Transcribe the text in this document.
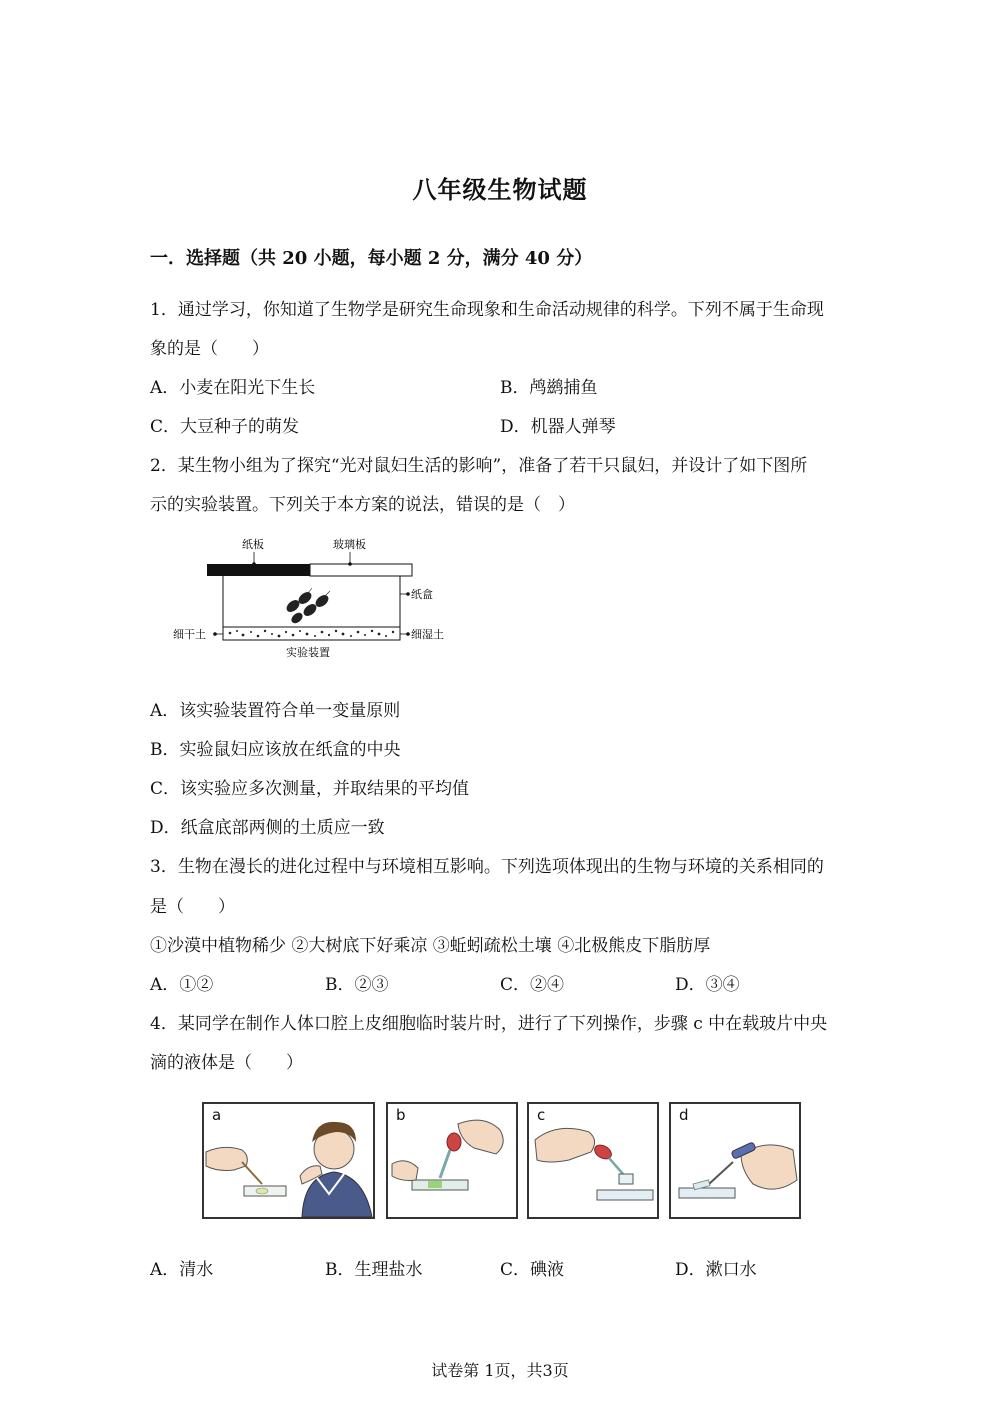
八年级生物试题
一．选择题（共 20 小题，每小题 2 分，满分 40 分）
1．通过学习，你知道了生物学是研究生命现象和生命活动规律的科学。下列不属于生命现
象的是（　　）
A．小麦在阳光下生长	B．鸬鹚捕鱼
C．大豆种子的萌发	D．机器人弹琴
2．某生物小组为了探究“光对鼠妇生活的影响”，准备了若干只鼠妇，并设计了如下图所
示的实验装置。下列关于本方案的说法，错误的是（　）
纸板	玻璃板
纸盒
细干土	细湿土
实验装置
A．该实验装置符合单一变量原则
B．实验鼠妇应该放在纸盒的中央
C．该实验应多次测量，并取结果的平均值
D．纸盒底部两侧的土质应一致
3．生物在漫长的进化过程中与环境相互影响。下列选项体现出的生物与环境的关系相同的
是（　　）
①沙漠中植物稀少 ②大树底下好乘凉 ③蚯蚓疏松土壤 ④北极熊皮下脂肪厚
A．①②	B．②③	C．②④	D．③④
4．某同学在制作人体口腔上皮细胞临时装片时，进行了下列操作，步骤 c 中在载玻片中央
滴的液体是（　　）
a	b	c	d
A．清水	B．生理盐水	C．碘液	D．漱口水
试卷第 1页，共3页
